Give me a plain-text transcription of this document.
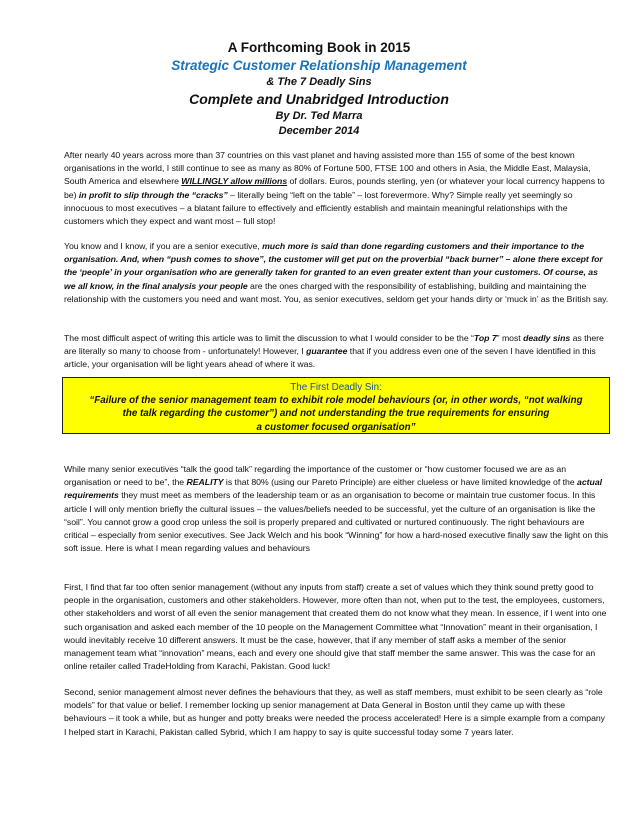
A Forthcoming Book in 2015
Strategic Customer Relationship Management
& The 7 Deadly Sins
Complete and Unabridged Introduction
By Dr. Ted Marra
December 2014
After nearly 40 years across more than 37 countries on this vast planet and having assisted more than 155 of some of the best known organisations in the world, I still continue to see as many as 80% of Fortune 500, FTSE 100 and others in Asia, the Middle East, Malaysia, South America and elsewhere WILLINGLY allow millions of dollars. Euros, pounds sterling, yen (or whatever your local currency happens to be) in profit to slip through the “cracks” – literally being “left on the table” – lost forevermore. Why? Simple really yet seemingly so innocuous to most executives – a blatant failure to effectively and efficiently establish and maintain meaningful relationships with the customers which they expect and want most – full stop!
You know and I know, if you are a senior executive, much more is said than done regarding customers and their importance to the organisation. And, when “push comes to shove”, the customer will get put on the proverbial “back burner” – alone there except for the ‘people’ in your organisation who are generally taken for granted to an even greater extent than your customers. Of course, as we all know, in the final analysis your people are the ones charged with the responsibility of establishing, building and maintaining the relationship with the customers you need and want most. You, as senior executives, seldom get your hands dirty or ‘muck in’ as the British say.
The most difficult aspect of writing this article was to limit the discussion to what I would consider to be the “Top 7” most deadly sins as there are literally so many to choose from - unfortunately! However, I guarantee that if you address even one of the seven I have identified in this article, your organisation will be light years ahead of where it was.
The First Deadly Sin:
“Failure of the senior management team to exhibit role model behaviours (or, in other words, “not walking
the talk regarding the customer”) and not understanding the true requirements for ensuring
a customer focused organisation”
While many senior executives “talk the good talk” regarding the importance of the customer or “how customer focused we are as an organisation or need to be”, the REALITY is that 80% (using our Pareto Principle) are either clueless or have limited knowledge of the actual requirements they must meet as members of the leadership team or as an organisation to become or maintain true customer focus. In this article I will only mention briefly the cultural issues – the values/beliefs needed to be successful, yet the culture of an organisation is like the “soil”. You cannot grow a good crop unless the soil is properly prepared and cultivated or nurtured continuously. The right behaviours are critical – especially from senior executives. See Jack Welch and his book “Winning” for how a hard-nosed executive finally saw the light on this soft issue. Here is what I mean regarding values and behaviours
First, I find that far too often senior management (without any inputs from staff) create a set of values which they think sound pretty good to people in the organisation, customers and other stakeholders. However, more often than not, when put to the test, the employees, customers, other stakeholders and worst of all even the senior management that created them do not know what they mean. In essence, if I went into one such organisation and asked each member of the 10 people on the Management Committee what “Innovation” meant in their organisation, I would inevitably receive 10 different answers. It must be the case, however, that if any member of staff asks a member of the senior management team what “innovation” means, each and every one should give that staff member the same answer. This was the case for an online retailer called TradeHolding from Karachi, Pakistan. Good luck!
Second, senior management almost never defines the behaviours that they, as well as staff members, must exhibit to be seen clearly as “role models” for that value or belief. I remember locking up senior management at Data General in Boston until they came up with these behaviours – it took a while, but as hunger and potty breaks were needed the process accelerated! Here is a simple example from a company I helped start in Karachi, Pakistan called Sybrid, which I am happy to say is quite successful today some 7 years later.
